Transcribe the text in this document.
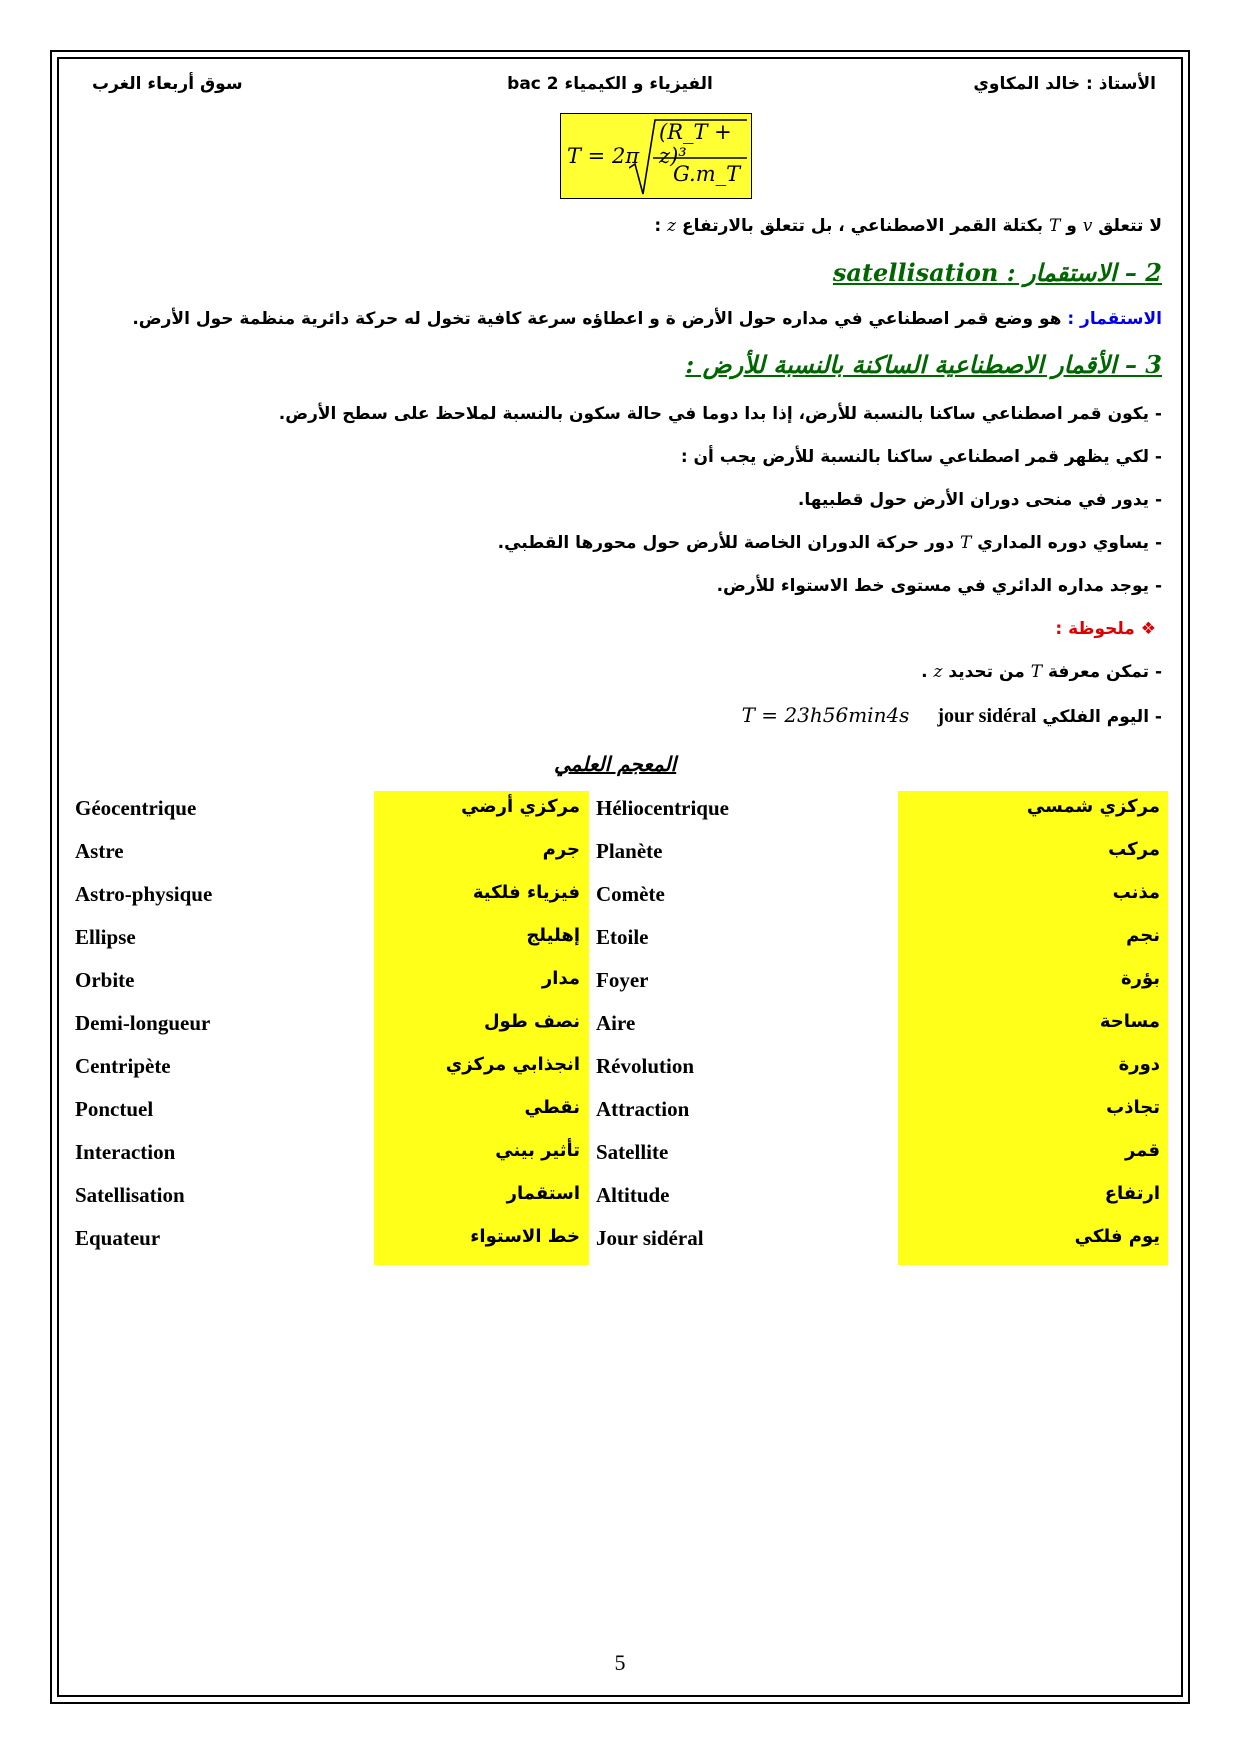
الأستاذ : خالد المكاوي
الفيزياء و الكيمياء 2 bac
سوق أربعاء الغرب
T = 2π
(R_T + z)³
G.m_T
لا تتعلق v و T بكتلة القمر الاصطناعي ، بل تتعلق بالارتفاع z :
2 – الاستقمار : satellisation
الاستقمار : هو وضع قمر اصطناعي في مداره حول الأرض ة و اعطاؤه سرعة كافية تخول له حركة دائرية منظمة حول الأرض.
3 – الأقمار الاصطناعية الساكنة بالنسبة للأرض :
- يكون قمر اصطناعي ساكنا بالنسبة للأرض، إذا بدا دوما في حالة سكون بالنسبة لملاحظ على سطح الأرض.
- لكي يظهر قمر اصطناعي ساكنا بالنسبة للأرض يجب أن :
- يدور في منحى دوران الأرض حول قطبيها.
- يساوي دوره المداري T دور حركة الدوران الخاصة للأرض حول محورها القطبي.
- يوجد مداره الدائري في مستوى خط الاستواء للأرض.
❖ ملحوظة :
- تمكن معرفة T من تحديد z .
- اليوم الفلكي jour sidéral T = 23h56min4s
المعجم العلمي
Géocentrique	مركزي أرضي Héliocentrique	مركزي شمسي
Astre	جرم Planète	مركب
Astro-physique	فيزياء فلكية Comète	مذنب
Ellipse	إهليلج Etoile	نجم
Orbite	مدار Foyer	بؤرة
Demi-longueur	نصف طول Aire	مساحة
Centripète	انجذابي مركزي Révolution	دورة
Ponctuel	نقطي Attraction	تجاذب
Interaction	تأثير بيني Satellite	قمر
Satellisation	استقمار Altitude	ارتفاع
Equateur	خط الاستواء Jour sidéral	يوم فلكي
5
